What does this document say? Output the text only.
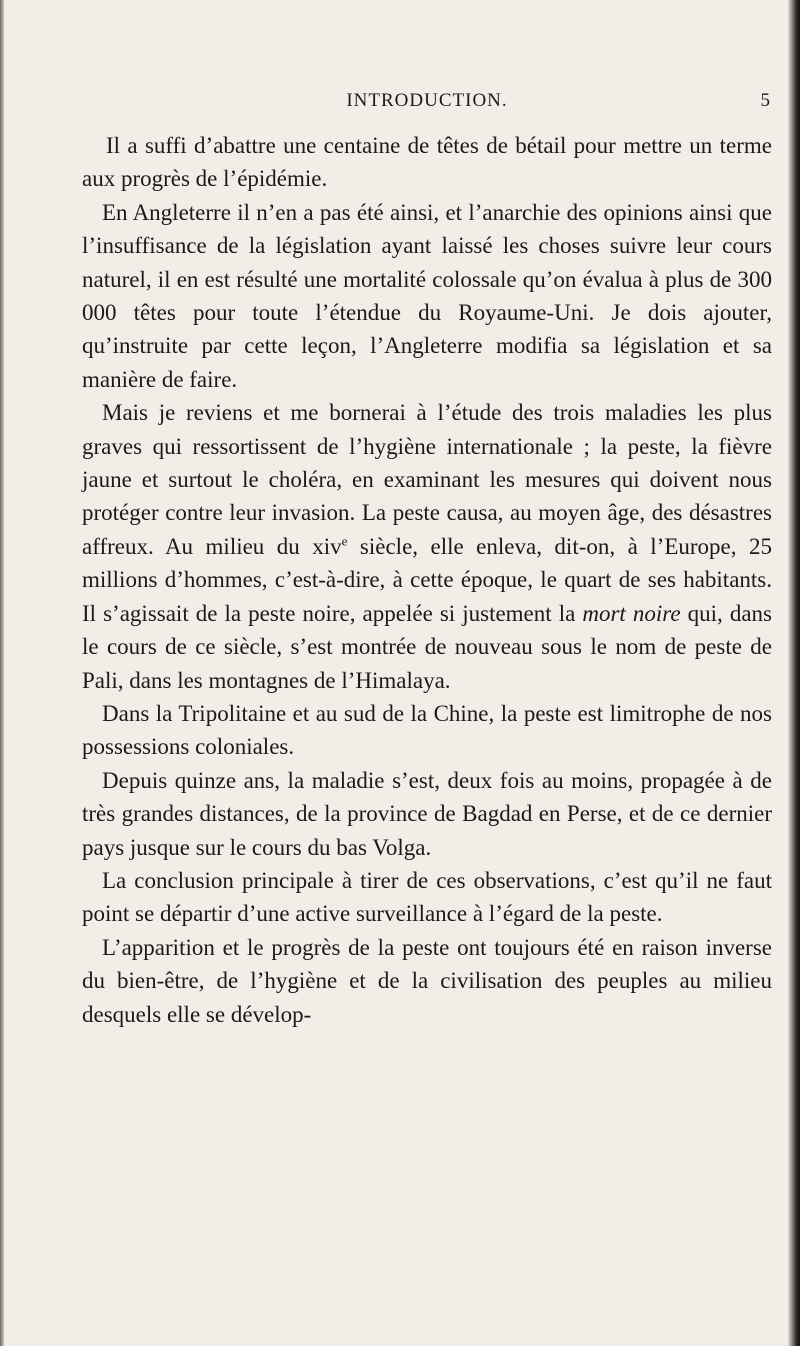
INTRODUCTION.	5

Il a suffi d’abattre une centaine de têtes de bétail pour mettre un terme aux progrès de l’épidémie.

En Angleterre il n’en a pas été ainsi, et l’anarchie des opinions ainsi que l’insuffisance de la législation ayant laissé les choses suivre leur cours naturel, il en est résulté une mortalité colossale qu’on évalua à plus de 300 000 têtes pour toute l’étendue du Royaume-Uni. Je dois ajouter, qu’instruite par cette leçon, l’Angleterre modifia sa législation et sa manière de faire.

Mais je reviens et me bornerai à l’étude des trois maladies les plus graves qui ressortissent de l’hygiène internationale ; la peste, la fièvre jaune et surtout le choléra, en examinant les mesures qui doivent nous protéger contre leur invasion. La peste causa, au moyen âge, des désastres affreux. Au milieu du xiv$^e$ siècle, elle enleva, dit-on, à l’Europe, 25 millions d’hommes, c’est-à-dire, à cette époque, le quart de ses habitants. Il s’agissait de la peste noire, appelée si justement la mort noire qui, dans le cours de ce siècle, s’est montrée de nouveau sous le nom de peste de Pali, dans les montagnes de l’Himalaya.

Dans la Tripolitaine et au sud de la Chine, la peste est limitrophe de nos possessions coloniales.

Depuis quinze ans, la maladie s’est, deux fois au moins, propagée à de très grandes distances, de la province de Bagdad en Perse, et de ce dernier pays jusque sur le cours du bas Volga.

La conclusion principale à tirer de ces observations, c’est qu’il ne faut point se départir d’une active surveillance à l’égard de la peste.

L’apparition et le progrès de la peste ont toujours été en raison inverse du bien-être, de l’hygiène et de la civilisation des peuples au milieu desquels elle se dévelop-
